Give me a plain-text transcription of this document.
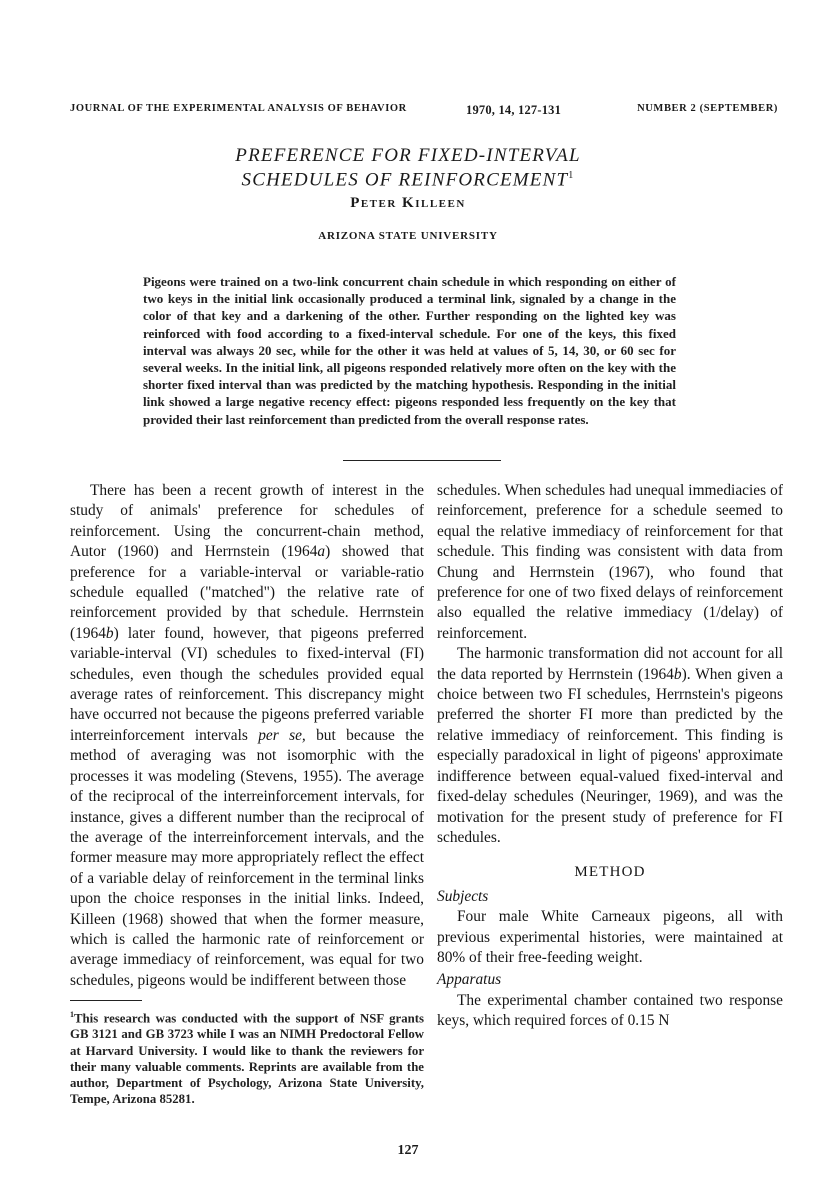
JOURNAL OF THE EXPERIMENTAL ANALYSIS OF BEHAVIOR	1970, 14, 127-131	NUMBER 2 (SEPTEMBER)
PREFERENCE FOR FIXED-INTERVAL
SCHEDULES OF REINFORCEMENT$^1$
Peter Killeen
ARIZONA STATE UNIVERSITY
Pigeons were trained on a two-link concurrent chain schedule in which responding on either of two keys in the initial link occasionally produced a terminal link, signaled by a change in the color of that key and a darkening of the other. Further responding on the lighted key was reinforced with food according to a fixed-interval schedule. For one of the keys, this fixed interval was always 20 sec, while for the other it was held at values of 5, 14, 30, or 60 sec for several weeks. In the initial link, all pigeons responded relatively more often on the key with the shorter fixed interval than was predicted by the matching hypothesis. Responding in the initial link showed a large negative recency effect: pigeons responded less frequently on the key that provided their last reinforcement than predicted from the overall response rates.

There has been a recent growth of interest in the study of animals' preference for schedules of reinforcement. Using the concurrent-chain method, Autor (1960) and Herrnstein (1964a) showed that preference for a variable-interval or variable-ratio schedule equalled ("matched") the relative rate of reinforcement provided by that schedule. Herrnstein (1964b) later found, however, that pigeons preferred variable-interval (VI) schedules to fixed-interval (FI) schedules, even though the schedules provided equal average rates of reinforcement. This discrepancy might have occurred not because the pigeons preferred variable interreinforcement intervals per se, but because the method of averaging was not isomorphic with the processes it was modeling (Stevens, 1955). The average of the reciprocal of the interreinforcement intervals, for instance, gives a different number than the reciprocal of the average of the interreinforcement intervals, and the former measure may more appropriately reflect the effect of a variable delay of reinforcement in the terminal links upon the choice responses in the initial links. Indeed, Killeen (1968) showed that when the former measure, which is called the harmonic rate of reinforcement or average immediacy of reinforcement, was equal for two schedules, pigeons would be indifferent between those

schedules. When schedules had unequal immediacies of reinforcement, preference for a schedule seemed to equal the relative immediacy of reinforcement for that schedule. This finding was consistent with data from Chung and Herrnstein (1967), who found that preference for one of two fixed delays of reinforcement also equalled the relative immediacy (1/delay) of reinforcement.

The harmonic transformation did not account for all the data reported by Herrnstein (1964b). When given a choice between two FI schedules, Herrnstein's pigeons preferred the shorter FI more than predicted by the relative immediacy of reinforcement. This finding is especially paradoxical in light of pigeons' approximate indifference between equal-valued fixed-interval and fixed-delay schedules (Neuringer, 1969), and was the motivation for the present study of preference for FI schedules.

METHOD
Subjects

Four male White Carneaux pigeons, all with previous experimental histories, were maintained at 80% of their free-feeding weight.

Apparatus

The experimental chamber contained two response keys, which required forces of 0.15 N

$^1$This research was conducted with the support of NSF grants GB 3121 and GB 3723 while I was an NIMH Predoctoral Fellow at Harvard University. I would like to thank the reviewers for their many valuable comments. Reprints are available from the author, Department of Psychology, Arizona State University, Tempe, Arizona 85281.
127
